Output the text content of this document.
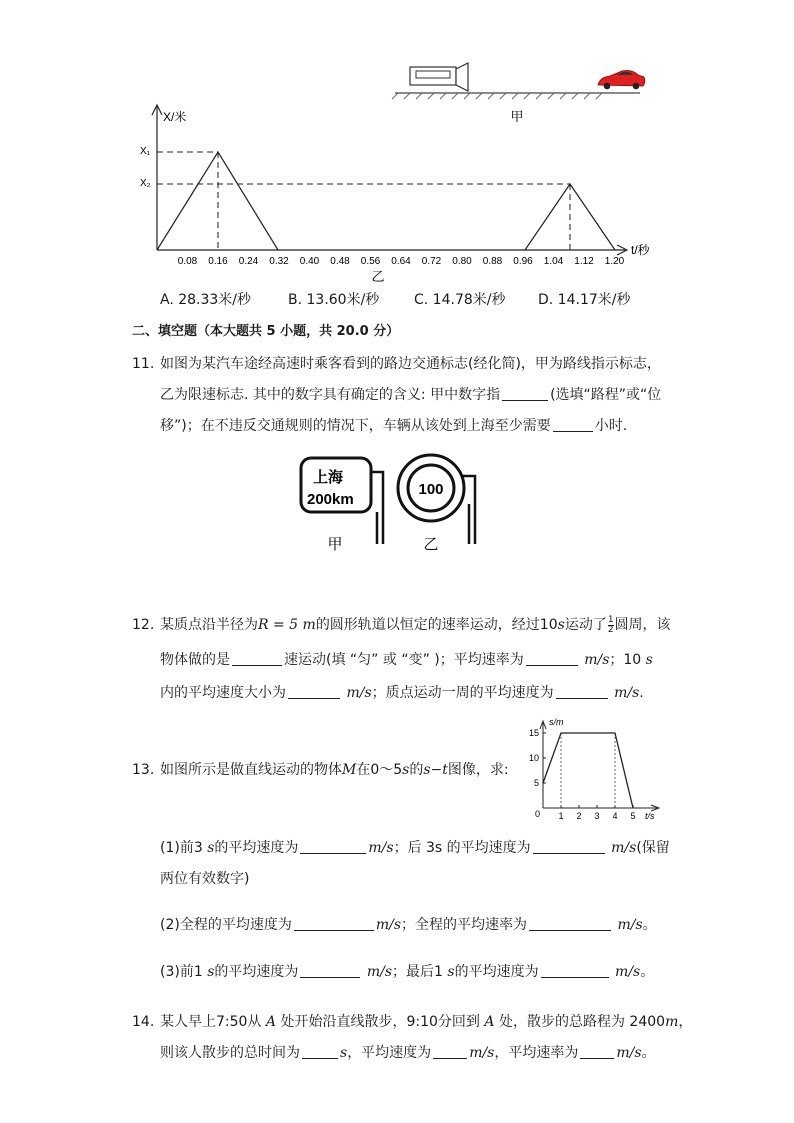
甲
X/米
t/秒
X₁
X₂
0.08 0.16 0.24 0.32 0.40 0.48 0.56 0.64 0.72 0.80 0.88 0.96 1.04 1.12 1.20
乙
A. 28.33米/秒	B. 13.60米/秒 C. 14.78米/秒 D. 14.17米/秒
二、填空题（本大题共 5 小题，共 20.0 分）
11. 如图为某汽车途经高速时乘客看到的路边交通标志(经化简)，甲为路线指示标志，
乙为限速标志. 其中的数字具有确定的含义: 甲中数字指	(选填“路程”或“位
移”)；在不违反交通规则的情况下，车辆从该处到上海至少需要	小时.
上海
200km
甲
100
乙
12. 某质点沿半径为R = 5 m的圆形轨道以恒定的速率运动，经过10s运动了 $\frac{1}{2}$ 圆周，该
物体做的是	速运动(填 “匀” 或 “变” )；平均速率为	m/s；10 s
内的平均速度大小为	m/s；质点运动一周的平均速度为	m/s.
13. 如图所示是做直线运动的物体M在0～5s的s−t图像，求:
s/m
t/s
0
5
10
15
1 2 3 4 5
(1)前3 s的平均速度为	m/s；后 3s 的平均速度为	m/s(保留
两位有效数字)
(2)全程的平均速度为	m/s；全程的平均速率为	m/s。
(3)前1 s的平均速度为	m/s；最后1 s的平均速度为	m/s。
14. 某人早上7:50从 A 处开始沿直线散步，9:10分回到 A 处，散步的总路程为 2400m，
则该人散步的总时间为	s，平均速度为	m/s，平均速率为	m/s。
